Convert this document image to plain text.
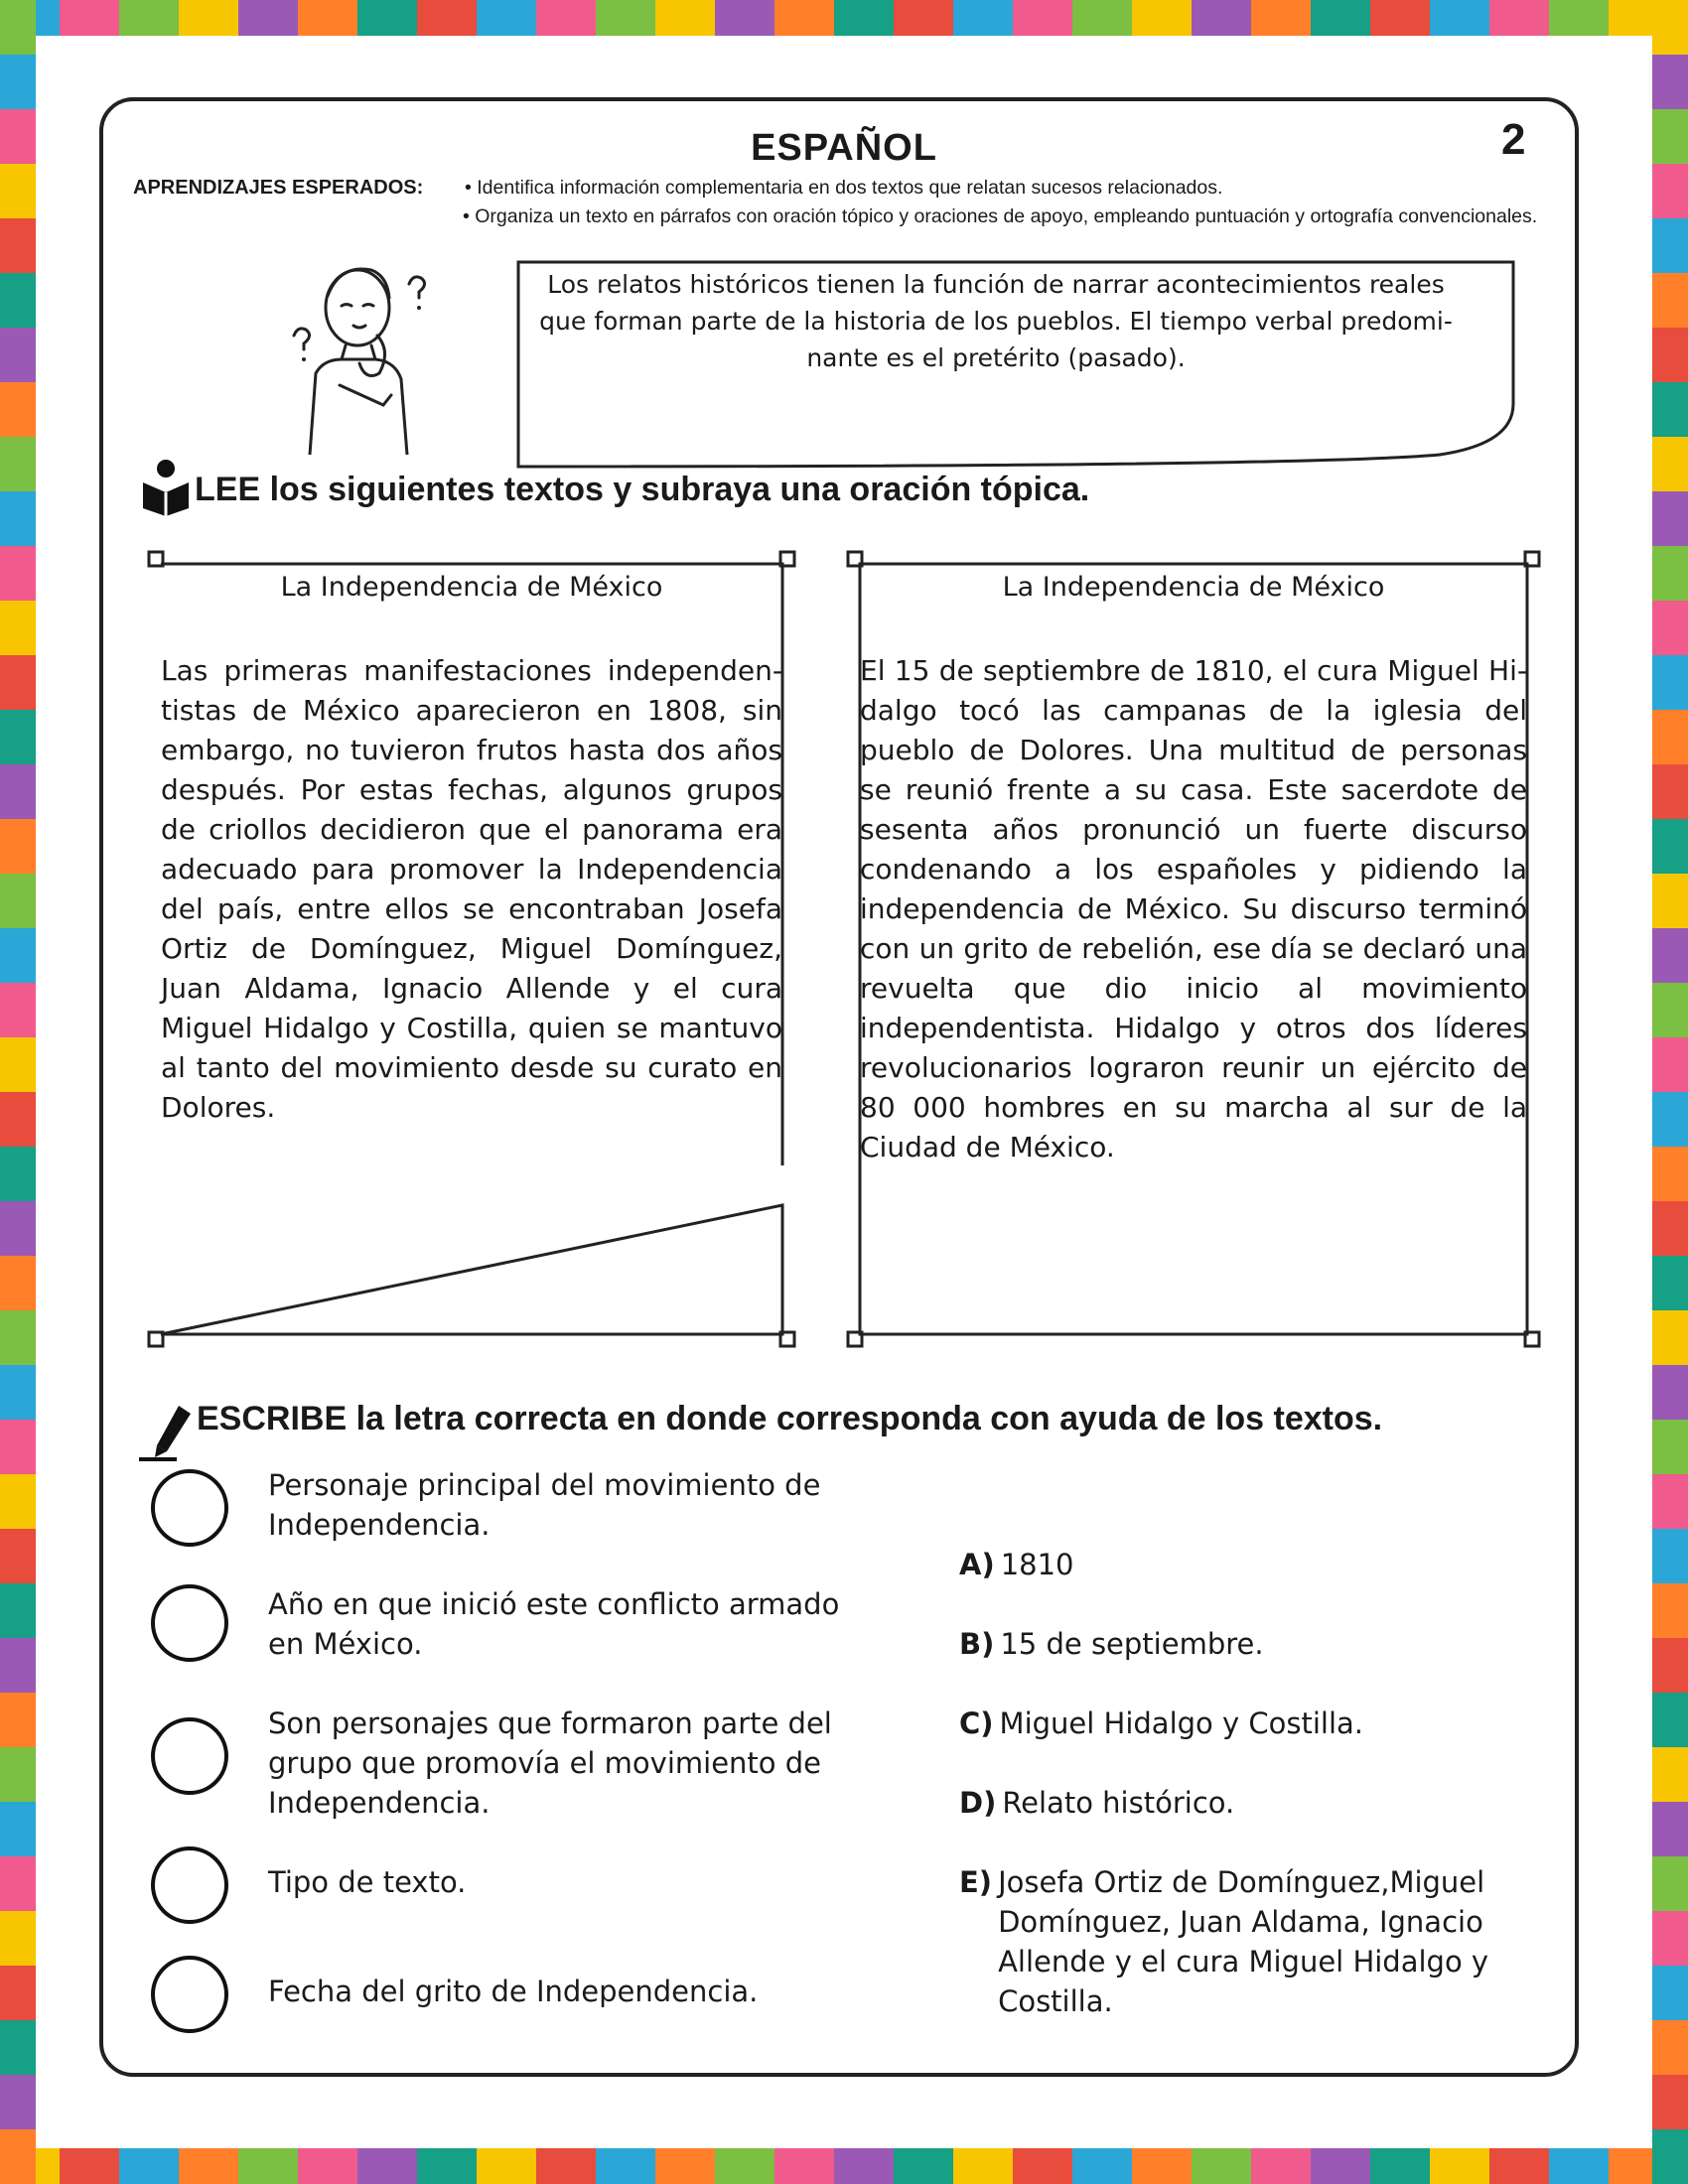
ESPAÑOL	2
APRENDIZAJES ESPERADOS: • Identifica información complementaria en dos textos que relatan sucesos relacionados.
• Organiza un texto en párrafos con oración tópico y oraciones de apoyo, empleando puntuación y ortografía convencionales.
Los relatos históricos tienen la función de narrar acontecimientos reales que forman parte de la historia de los pueblos. El tiempo verbal predominante es el pretérito (pasado).
LEE los siguientes textos y subraya una oración tópica.
La Independencia de México
Las primeras manifestaciones independentistas de México aparecieron en 1808, sin embargo, no tuvieron frutos hasta dos años después. Por estas fechas, algunos grupos de criollos decidieron que el panorama era adecuado para promover la Independencia del país, entre ellos se encontraban Josefa Ortiz de Domínguez, Miguel Domínguez, Juan Aldama, Ignacio Allende y el cura Miguel Hidalgo y Costilla, quien se mantuvo al tanto del movimiento desde su curato en Dolores.
La Independencia de México
El 15 de septiembre de 1810, el cura Miguel Hidalgo tocó las campanas de la iglesia del pueblo de Dolores. Una multitud de personas se reunió frente a su casa. Este sacerdote de sesenta años pronunció un fuerte discurso condenando a los españoles y pidiendo la independencia de México. Su discurso terminó con un grito de rebelión, ese día se declaró una revuelta que dio inicio al movimiento independentista. Hidalgo y otros dos líderes revolucionarios lograron reunir un ejército de 80 000 hombres en su marcha al sur de la Ciudad de México.
ESCRIBE la letra correcta en donde corresponda con ayuda de los textos.
Personaje principal del movimiento de Independencia.
Año en que inició este conflicto armado en México.
Son personajes que formaron parte del grupo que promovía el movimiento de Independencia.
Tipo de texto.
Fecha del grito de Independencia.
A) 1810
B) 15 de septiembre.
C) Miguel Hidalgo y Costilla.
D) Relato histórico.
E) Josefa Ortiz de Domínguez,Miguel Domínguez, Juan Aldama, Ignacio Allende y el cura Miguel Hidalgo y Costilla.
